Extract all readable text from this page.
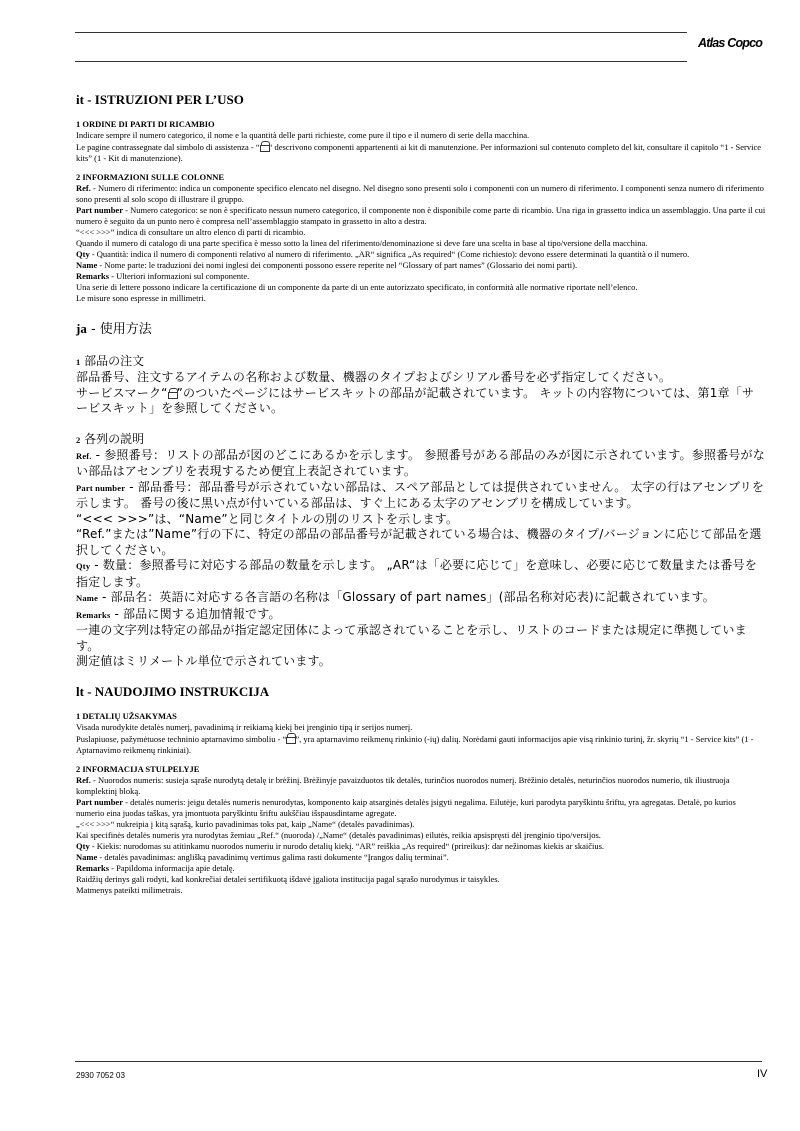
Atlas Copco
it - ISTRUZIONI PER L’USO
1 ORDINE DI PARTI DI RICAMBIO

Indicare sempre il numero categorico, il nome e la quantità delle parti richieste, come pure il tipo e il numero di serie della macchina.

Le pagine contrassegnate dal simbolo di assistenza - “ “ descrivono componenti appartenenti ai kit di manutenzione. Per informazioni sul contenuto completo del kit, consultare il capitolo “1 - Service kits” (1 - Kit di manutenzione).

2 INFORMAZIONI SULLE COLONNE

Ref. - Numero di riferimento: indica un componente specifico elencato nel disegno. Nel disegno sono presenti solo i componenti con un numero di riferimento. I componenti senza numero di riferimento sono presenti al solo scopo di illustrare il gruppo.

Part number - Numero categorico: se non è specificato nessun numero categorico, il componente non è disponibile come parte di ricambio. Una riga in grassetto indica un assemblaggio. Una parte il cui numero è seguito da un punto nero è compresa nell’assemblaggio stampato in grassetto in alto a destra.

“<<< >>>” indica di consultare un altro elenco di parti di ricambio.

Quando il numero di catalogo di una parte specifica è messo sotto la linea del riferimento/denominazione si deve fare una scelta in base al tipo/versione della macchina.

Qty - Quantità: indica il numero di componenti relativo al numero di riferimento. „AR“ significa „As required“ (Come richiesto): devono essere determinati la quantità o il numero.

Name - Nome parte: le traduzioni dei nomi inglesi dei componenti possono essere reperite nel “Glossary of part names” (Glossario dei nomi parti).

Remarks - Ulteriori informazioni sul componente.

Una serie di lettere possono indicare la certificazione di un componente da parte di un ente autorizzato specificato, in conformità alle normative riportate nell’elenco.

Le misure sono espresse in millimetri.

ja - 使用方法
1 部品の注文

部品番号、注文するアイテムの名称および数量、機器のタイプおよびシリアル番号を必ず指定してください。

サービスマーク“ ”のついたページにはサービスキットの部品が記載されています。 キットの内容物については、第1章「サービスキット」を参照してください。

2 各列の説明

Ref. - 参照番号：リストの部品が図のどこにあるかを示します。 参照番号がある部品のみが図に示されています。参照番号がない部品はアセンブリを表現するため便宜上表記されています。

Part number - 部品番号：部品番号が示されていない部品は、スペア部品としては提供されていません。 太字の行はアセンブリを示します。 番号の後に黒い点が付いている部品は、すぐ上にある太字のアセンブリを構成しています。

“<<< >>>”は、“Name”と同じタイトルの別のリストを示します。

“Ref.”または”Name”行の下に、特定の部品の部品番号が記載されている場合は、機器のタイプ/バージョンに応じて部品を選択してください。

Qty - 数量：参照番号に対応する部品の数量を示します。 „AR“は「必要に応じて」を意味し、必要に応じて数量または番号を指定します。

Name - 部品名：英語に対応する各言語の名称は「Glossary of part names」(部品名称対応表)に記載されています。

Remarks - 部品に関する追加情報です。

一連の文字列は特定の部品が指定認定団体によって承認されていることを示し、リストのコードまたは規定に準拠しています。

測定値はミリメートル単位で示されています。

lt - NAUDOJIMO INSTRUKCIJA
1 DETALIŲ UŽSAKYMAS

Visada nurodykite detalės numerį, pavadinimą ir reikiamą kiekį bei įrenginio tipą ir serijos numerį.

Puslapiuose, pažymėtuose techninio aptarnavimo simboliu - “ ”, yra aptarnavimo reikmenų rinkinio (-ių) dalių. Norėdami gauti informacijos apie visą rinkinio turinį, žr. skyrių “1 - Service kits” (1 - Aptarnavimo reikmenų rinkiniai).

2 INFORMACIJA STULPELYJE

Ref. - Nuorodos numeris: susieja sąraše nurodytą detalę ir brėžinį. Brėžinyje pavaizduotos tik detalės, turinčios nuorodos numerį. Brėžinio detalės, neturinčios nuorodos numerio, tik iliustruoja komplektinį bloką.

Part number - detalės numeris: jeigu detalės numeris nenurodytas, komponento kaip atsarginės detalės įsigyti negalima. Eilutėje, kuri parodyta paryškintu šriftu, yra agregatas. Detalė, po kurios numerio eina juodas taškas, yra įmontuota paryškintu šriftu aukščiau išspausdintame agregate.

„<<< >>>“ nukreipia į kitą sąrašą, kurio pavadinimas toks pat, kaip „Name“ (detalės pavadinimas).

Kai specifinės detalės numeris yra nurodytas žemiau „Ref.“ (nuoroda) /„Name“ (detalės pavadinimas) eilutės, reikia apsispręsti dėl įrenginio tipo/versijos.

Qty - Kiekis: nurodomas su atitinkamu nuorodos numeriu ir nurodo detalių kiekį. “AR” reiškia „As required“ (prireikus): dar nežinomas kiekis ar skaičius.

Name - detalės pavadinimas: anglišką pavadinimų vertimus galima rasti dokumente “Įrangos dalių terminai”.

Remarks - Papildoma informacija apie detalę.

Raidžių derinys gali rodyti, kad konkrečiai detalei sertifikuotą išdavė įgaliota institucija pagal sąrašo nurodymus ir taisykles.

Matmenys pateikti milimetrais.

2930 7052 03	IV
